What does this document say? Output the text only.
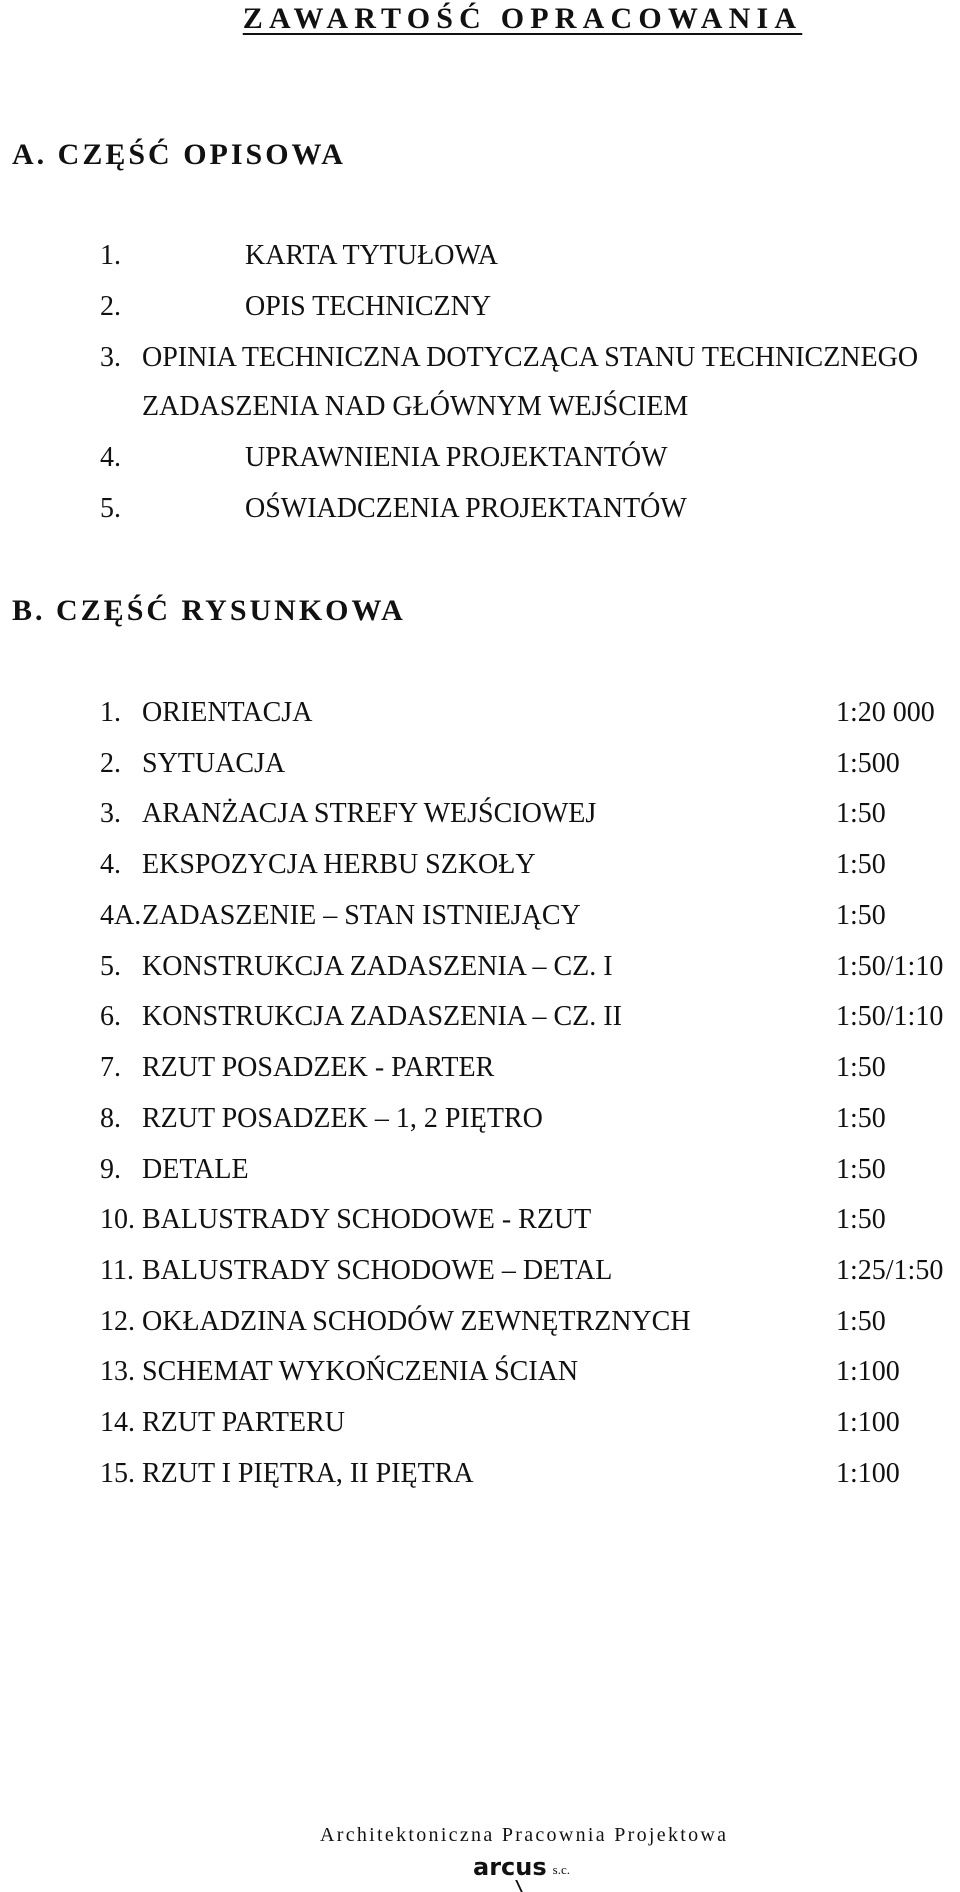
ZAWARTOŚĆ OPRACOWANIA
A. CZĘŚĆ OPISOWA
1.	KARTA TYTUŁOWA
2.	OPIS TECHNICZNY
3. OPINIA TECHNICZNA DOTYCZĄCA STANU TECHNICZNEGO
ZADASZENIA NAD GŁÓWNYM WEJŚCIEM
4.	UPRAWNIENIA PROJEKTANTÓW
5.	OŚWIADCZENIA PROJEKTANTÓW
B. CZĘŚĆ RYSUNKOWA
1. ORIENTACJA	1:20 000
2. SYTUACJA	1:500
3. ARANŻACJA STREFY WEJŚCIOWEJ	1:50
4. EKSPOZYCJA HERBU SZKOŁY	1:50
4A. ZADASZENIE – STAN ISTNIEJĄCY	1:50
5. KONSTRUKCJA ZADASZENIA – CZ. I	1:50/1:10
6. KONSTRUKCJA ZADASZENIA – CZ. II	1:50/1:10
7. RZUT POSADZEK - PARTER	1:50
8. RZUT POSADZEK – 1, 2 PIĘTRO	1:50
9. DETALE	1:50
10. BALUSTRADY SCHODOWE - RZUT	1:50
11. BALUSTRADY SCHODOWE – DETAL	1:25/1:50
12. OKŁADZINA SCHODÓW ZEWNĘTRZNYCH	1:50
13. SCHEMAT WYKOŃCZENIA ŚCIAN	1:100
14. RZUT PARTERU	1:100
15. RZUT I PIĘTRA, II PIĘTRA	1:100
Architektoniczna Pracownia Projektowa
arcus s.c.
